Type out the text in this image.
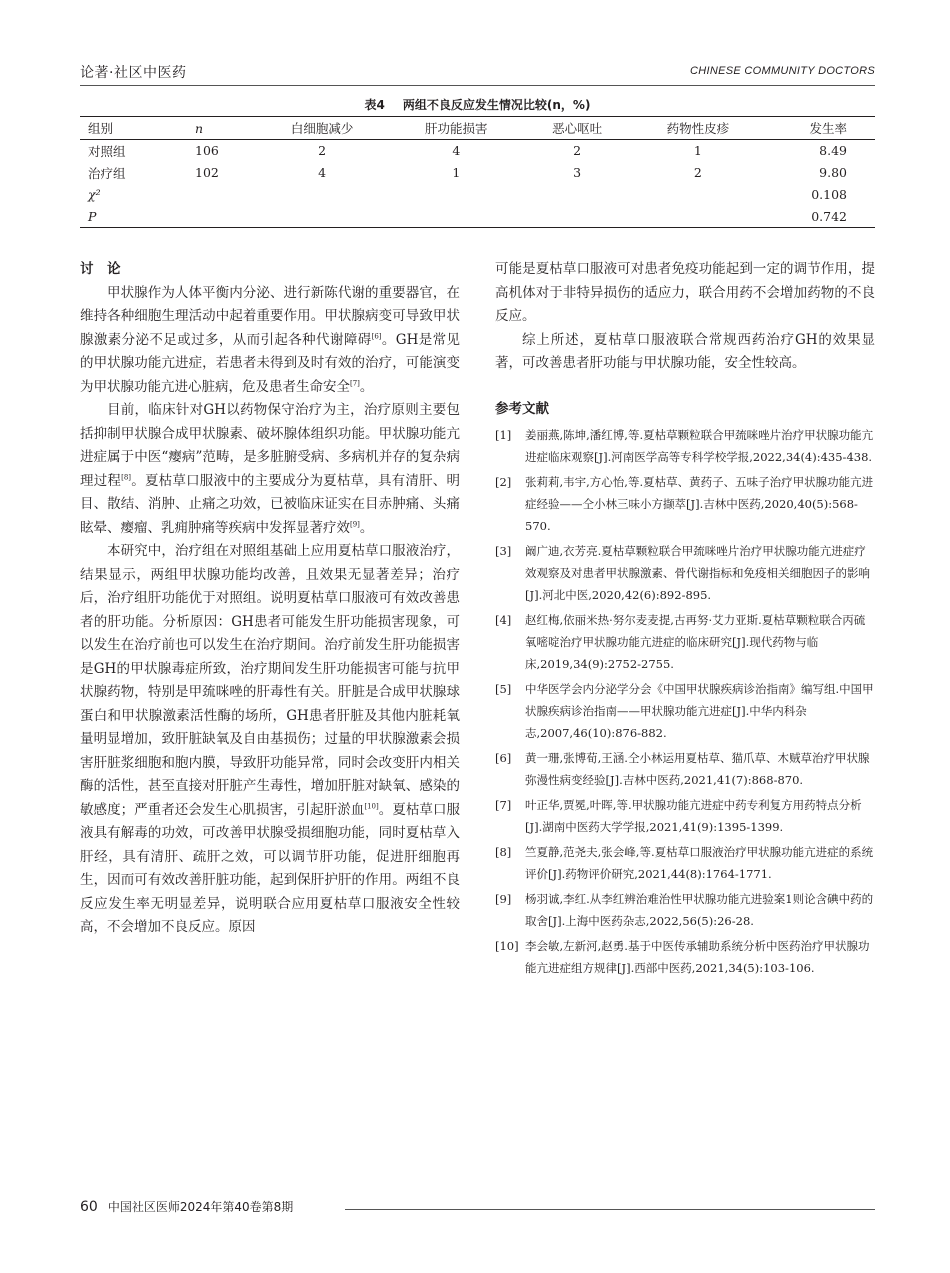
论著·社区中医药	CHINESE COMMUNITY DOCTORS
表4 两组不良反应发生情况比较(n，%)
组别	n	白细胞减少	肝功能损害	恶心呕吐	药物性皮疹	发生率
对照组	106	2	4	2	1	8.49
治疗组	102	4	1	3	2	9.80
χ²						0.108
P						0.742
讨　论

甲状腺作为人体平衡内分泌、进行新陈代谢的重要器官，在维持各种细胞生理活动中起着重要作用。甲状腺病变可导致甲状腺激素分泌不足或过多，从而引起各种代谢障碍[6]。GH是常见的甲状腺功能亢进症，若患者未得到及时有效的治疗，可能演变为甲状腺功能亢进心脏病，危及患者生命安全[7]。

目前，临床针对GH以药物保守治疗为主，治疗原则主要包括抑制甲状腺合成甲状腺素、破坏腺体组织功能。甲状腺功能亢进症属于中医“瘿病”范畴，是多脏腑受病、多病机并存的复杂病理过程[8]。夏枯草口服液中的主要成分为夏枯草，具有清肝、明目、散结、消肿、止痛之功效，已被临床证实在目赤肿痛、头痛眩晕、瘿瘤、乳痈肿痛等疾病中发挥显著疗效[9]。

本研究中，治疗组在对照组基础上应用夏枯草口服液治疗，结果显示，两组甲状腺功能均改善，且效果无显著差异；治疗后，治疗组肝功能优于对照组。说明夏枯草口服液可有效改善患者的肝功能。分析原因：GH患者可能发生肝功能损害现象，可以发生在治疗前也可以发生在治疗期间。治疗前发生肝功能损害是GH的甲状腺毒症所致，治疗期间发生肝功能损害可能与抗甲状腺药物，特别是甲巯咪唑的肝毒性有关。肝脏是合成甲状腺球蛋白和甲状腺激素活性酶的场所，GH患者肝脏及其他内脏耗氧量明显增加，致肝脏缺氧及自由基损伤；过量的甲状腺激素会损害肝脏浆细胞和胞内膜，导致肝功能异常，同时会改变肝内相关酶的活性，甚至直接对肝脏产生毒性，增加肝脏对缺氧、感染的敏感度；严重者还会发生心肌损害，引起肝淤血[10]。夏枯草口服液具有解毒的功效，可改善甲状腺受损细胞功能，同时夏枯草入肝经，具有清肝、疏肝之效，可以调节肝功能，促进肝细胞再生，因而可有效改善肝脏功能，起到保肝护肝的作用。两组不良反应发生率无明显差异，说明联合应用夏枯草口服液安全性较高，不会增加不良反应。原因

可能是夏枯草口服液可对患者免疫功能起到一定的调节作用，提高机体对于非特异损伤的适应力，联合用药不会增加药物的不良反应。

综上所述，夏枯草口服液联合常规西药治疗GH的效果显著，可改善患者肝功能与甲状腺功能，安全性较高。

参考文献
[1] 姜丽燕,陈坤,潘红博,等.夏枯草颗粒联合甲巯咪唑片治疗甲状腺功能亢进症临床观察[J].河南医学高等专科学校学报,2022,34(4):435-438.
[2] 张莉莉,韦宇,方心怡,等.夏枯草、黄药子、五味子治疗甲状腺功能亢进症经验——仝小林三味小方撷萃[J].吉林中医药,2020,40(5):568-570.
[3] 阚广迪,衣芳亮.夏枯草颗粒联合甲巯咪唑片治疗甲状腺功能亢进症疗效观察及对患者甲状腺激素、骨代谢指标和免疫相关细胞因子的影响[J].河北中医,2020,42(6):892-895.
[4] 赵红梅,依丽米热·努尔麦麦提,古再努·艾力亚斯.夏枯草颗粒联合丙硫氧嘧啶治疗甲状腺功能亢进症的临床研究[J].现代药物与临床,2019,34(9):2752-2755.
[5] 中华医学会内分泌学分会《中国甲状腺疾病诊治指南》编写组.中国甲状腺疾病诊治指南——甲状腺功能亢进症[J].中华内科杂志,2007,46(10):876-882.
[6] 黄一珊,张博荀,王涵.仝小林运用夏枯草、猫爪草、木贼草治疗甲状腺弥漫性病变经验[J].吉林中医药,2021,41(7):868-870.
[7] 叶正华,贾冕,叶晖,等.甲状腺功能亢进症中药专利复方用药特点分析[J].湖南中医药大学学报,2021,41(9):1395-1399.
[8] 竺夏静,范尧夫,张会峰,等.夏枯草口服液治疗甲状腺功能亢进症的系统评价[J].药物评价研究,2021,44(8):1764-1771.
[9] 杨羽诚,李红.从李红辨治难治性甲状腺功能亢进验案1则论含碘中药的取舍[J].上海中医药杂志,2022,56(5):26-28.
[10] 李会敏,左新河,赵勇.基于中医传承辅助系统分析中医药治疗甲状腺功能亢进症组方规律[J].西部中医药,2021,34(5):103-106.
60 中国社区医师2024年第40卷第8期
